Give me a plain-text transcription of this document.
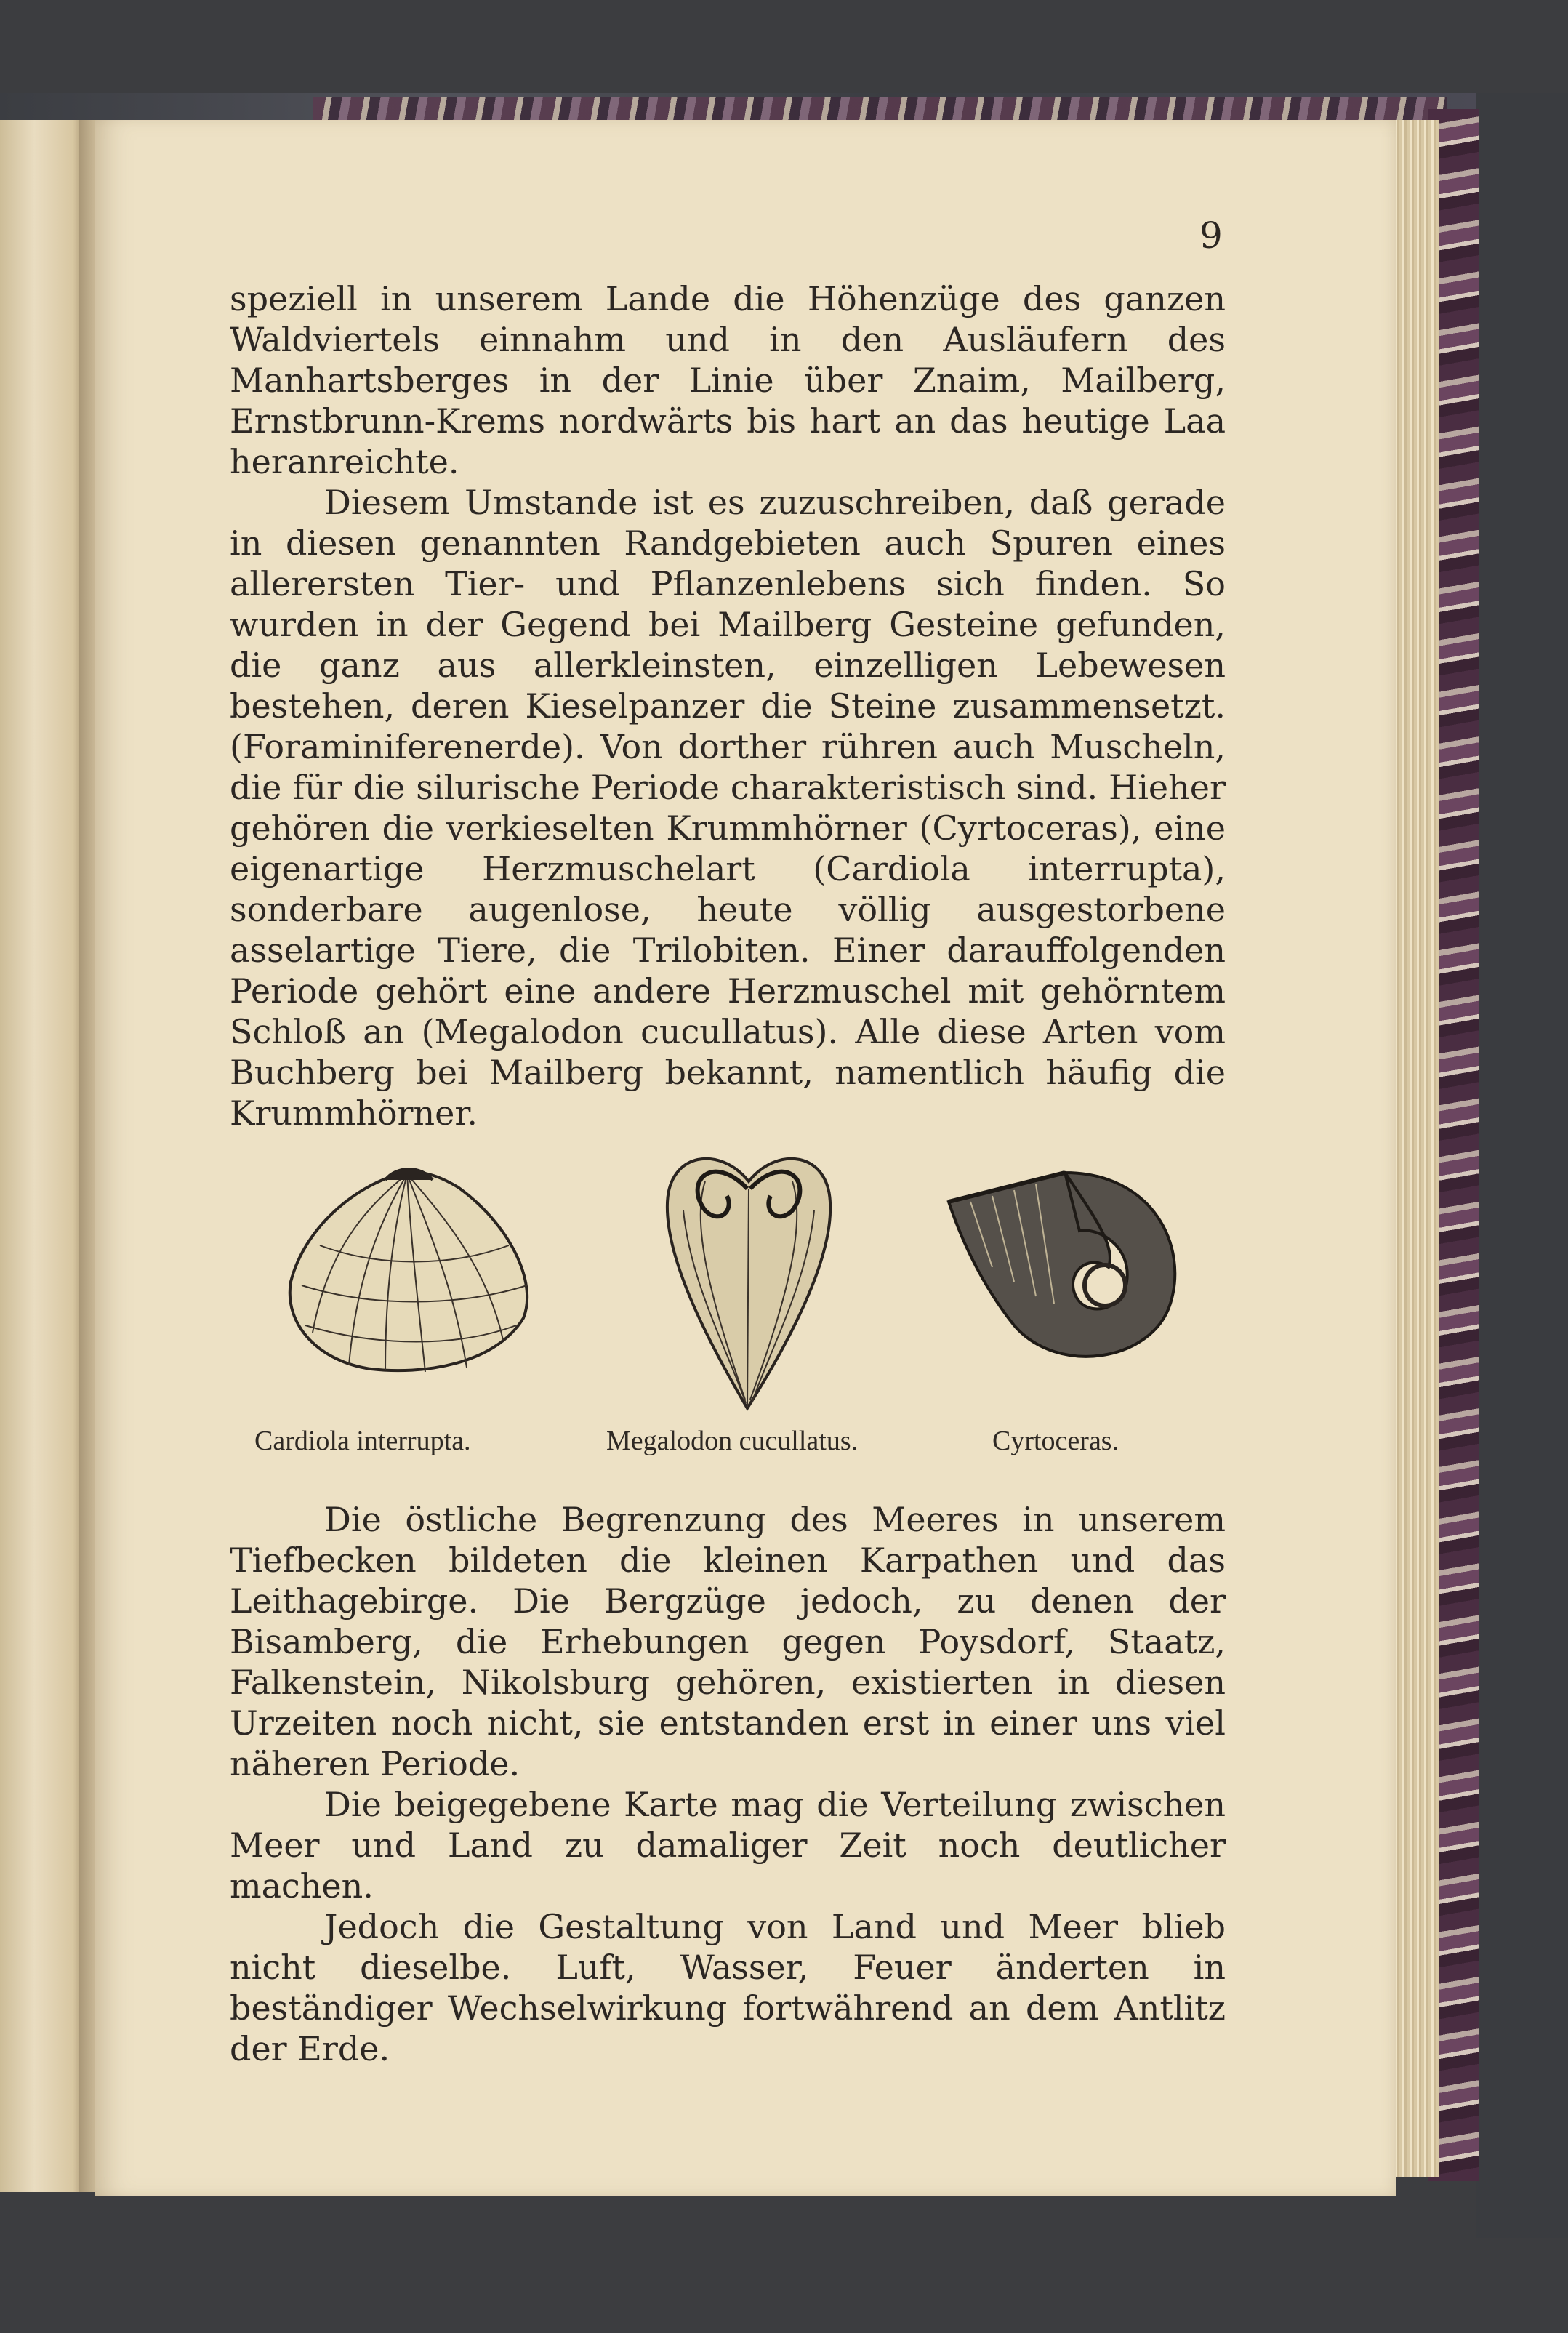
9

speziell in unserem Lande die Höhenzüge des ganzen Waldviertels einnahm und in den Ausläufern des Manhartsberges in der Linie über Znaim, Mailberg, Ernstbrunn-Krems nordwärts bis hart an das heutige Laa heranreichte.

Diesem Umstande ist es zuzuschreiben, daß gerade in diesen genannten Randgebieten auch Spuren eines allerersten Tier- und Pflanzenlebens sich finden. So wurden in der Gegend bei Mailberg Gesteine gefunden, die ganz aus allerkleinsten, einzelligen Lebewesen bestehen, deren Kieselpanzer die Steine zusammensetzt. (Foraminiferenerde). Von dorther rühren auch Muscheln, die für die silurische Periode charakteristisch sind. Hieher gehören die verkieselten Krummhörner (Cyrtoceras), eine eigenartige Herzmuschelart (Cardiola interrupta), sonderbare augenlose, heute völlig ausgestorbene asselartige Tiere, die Trilobiten. Einer darauffolgenden Periode gehört eine andere Herzmuschel mit gehörntem Schloß an (Megalodon cucullatus). Alle diese Arten vom Buchberg bei Mailberg bekannt, namentlich häufig die Krummhörner.

Cardiola interrupta.	Megalodon cucullatus.	Cyrtoceras.

Die östliche Begrenzung des Meeres in unserem Tiefbecken bildeten die kleinen Karpathen und das Leithagebirge. Die Bergzüge jedoch, zu denen der Bisamberg, die Erhebungen gegen Poysdorf, Staatz, Falkenstein, Nikolsburg gehören, existierten in diesen Urzeiten noch nicht, sie entstanden erst in einer uns viel näheren Periode.

Die beigegebene Karte mag die Verteilung zwischen Meer und Land zu damaliger Zeit noch deutlicher machen.

Jedoch die Gestaltung von Land und Meer blieb nicht dieselbe. Luft, Wasser, Feuer änderten in beständiger Wechselwirkung fortwährend an dem Antlitz der Erde.
